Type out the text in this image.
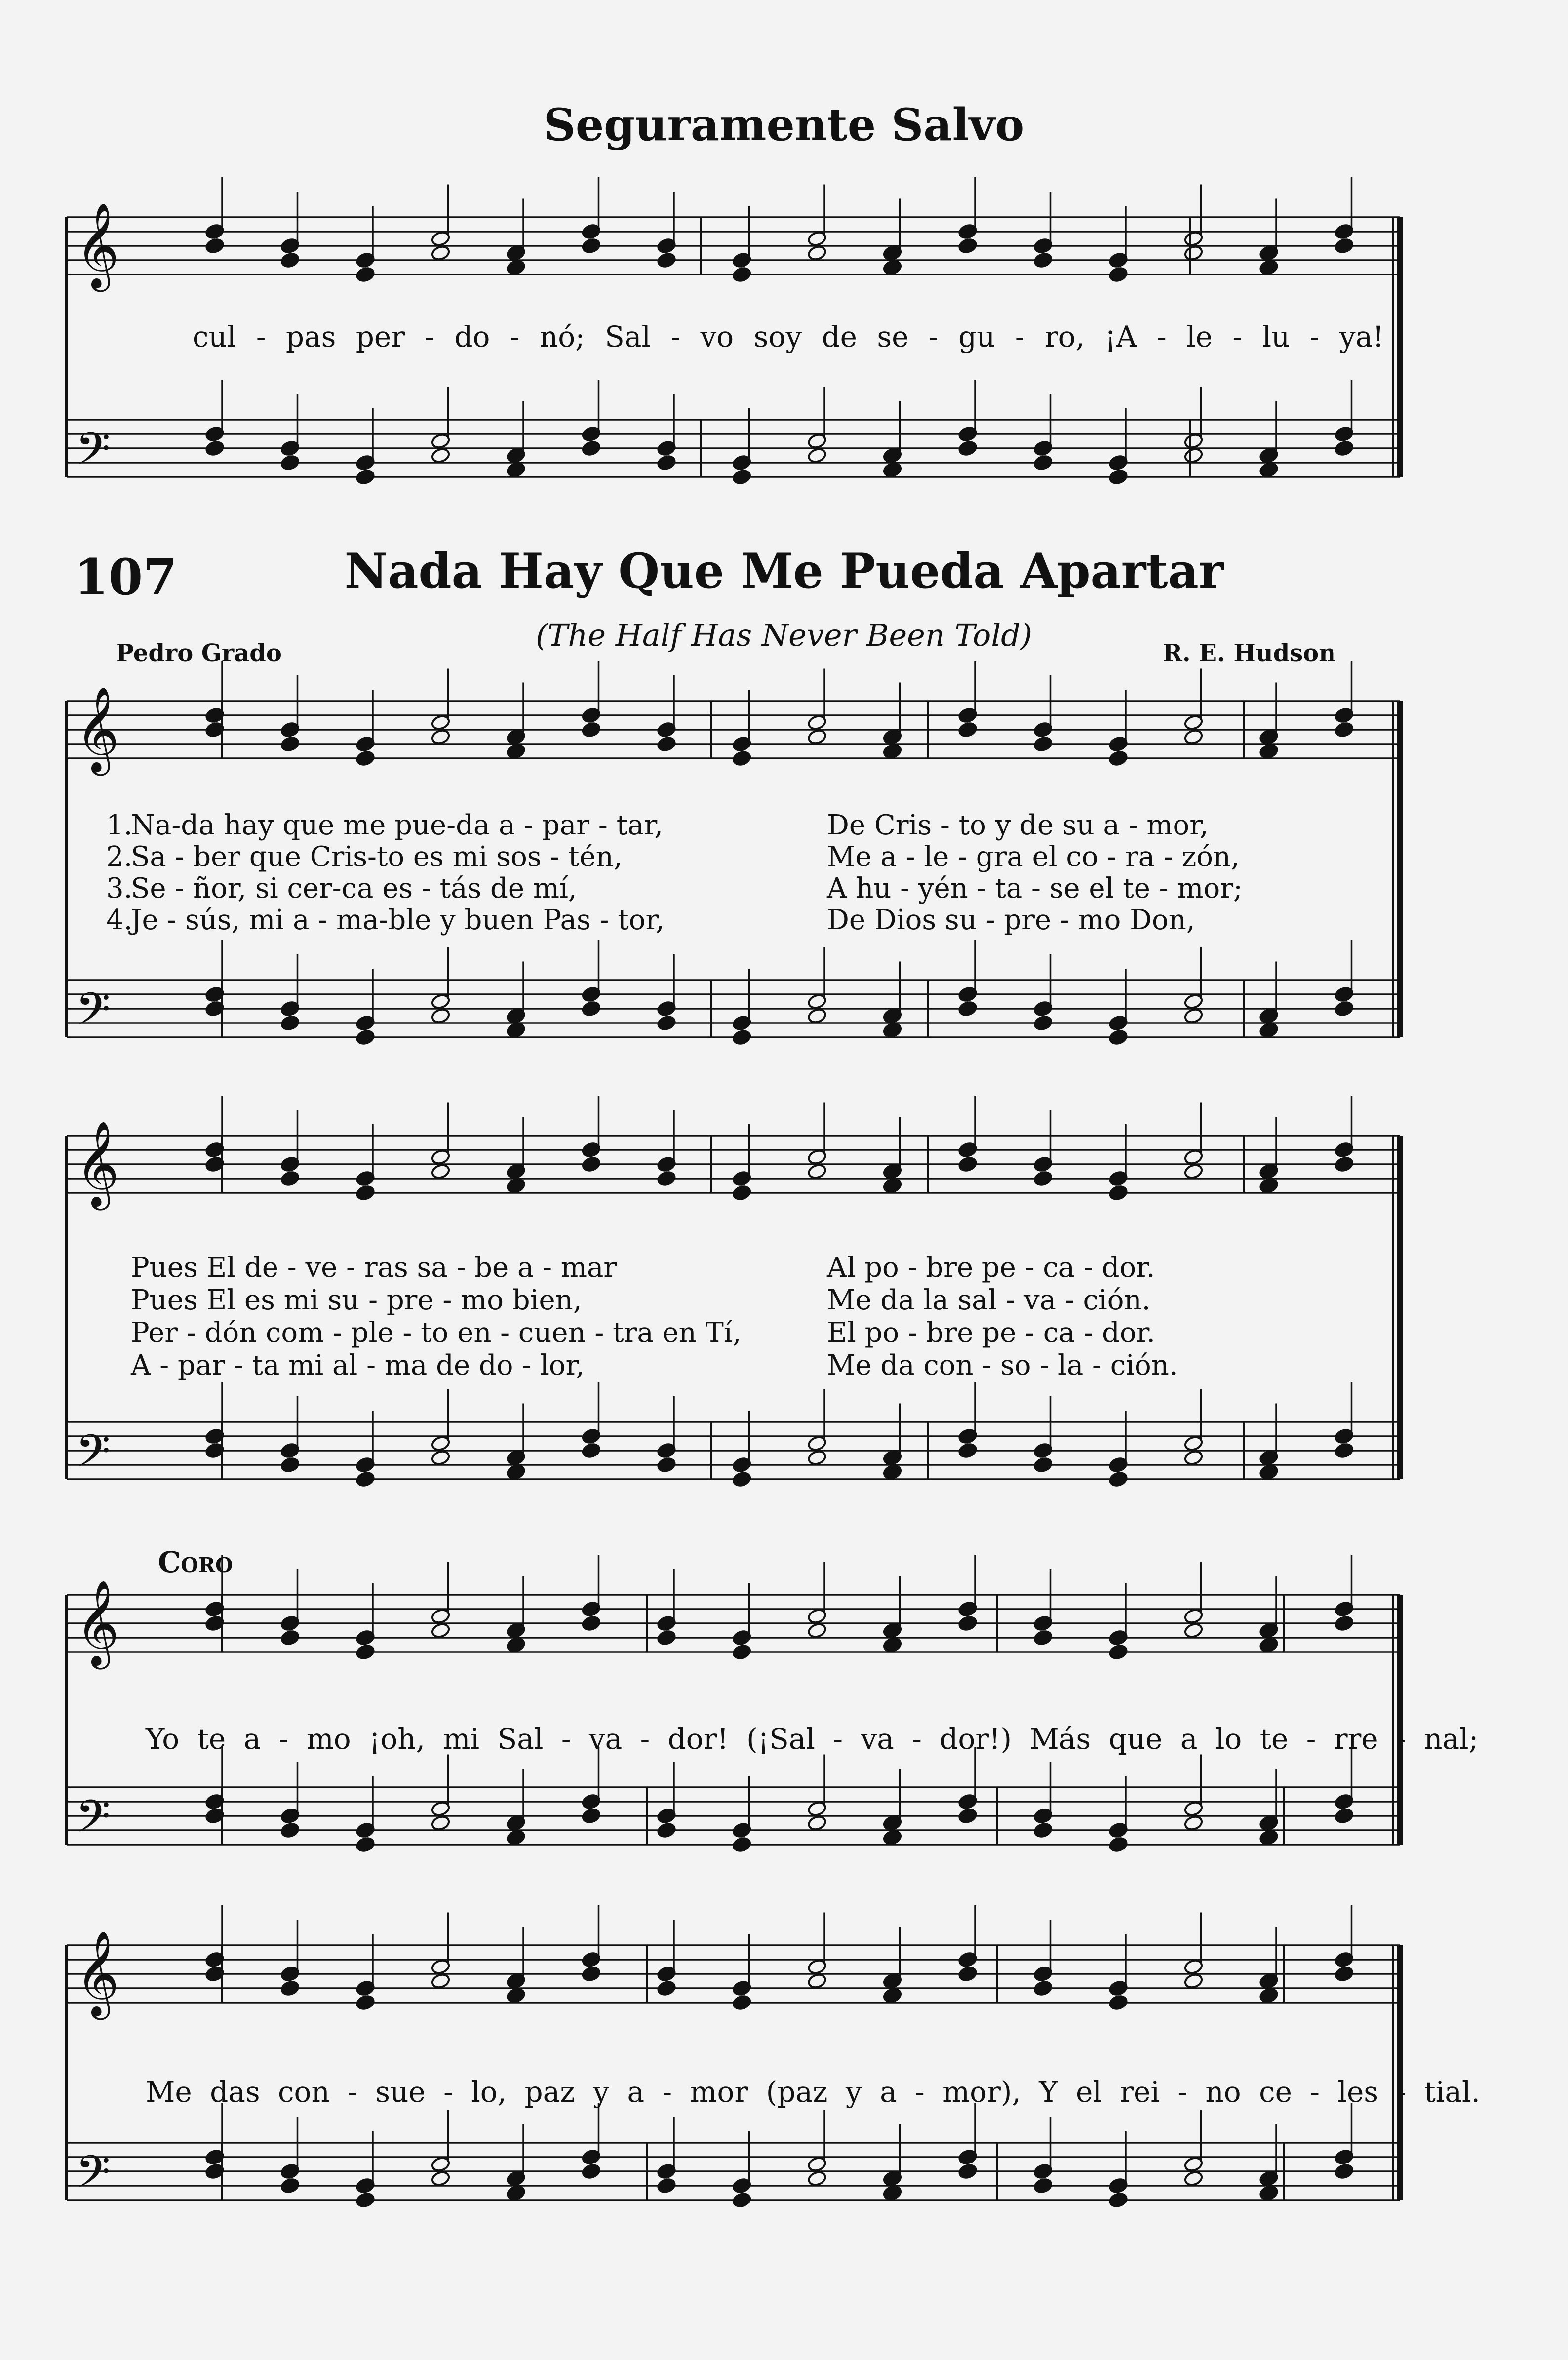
𝄞
𝄢
𝄞
𝄢
𝄞
𝄢
𝄞
𝄢
𝄞
𝄢
Seguramente Salvo
cul - pas per - do - nó; Sal - vo soy de se - gu - ro, ¡A - le - lu - ya!
107	Nada Hay Que Me Pueda Apartar
(The Half Has Never Been Told)
Pedro Grado	R. E. Hudson
1.
Na-da hay que me pue-da a - par - tar,	De Cris - to y de su a - mor,
2.
Sa - ber que Cris-to es mi sos - tén,	Me a - le - gra el co - ra - zón,
3.
Se - ñor, si cer-ca es - tás de mí,	A hu - yén - ta - se el te - mor;
4.
Je - sús, mi a - ma-ble y buen Pas - tor,	De Dios su - pre - mo Don,
Pues El de - ve - ras sa - be a - mar	Al po - bre pe - ca - dor.
Pues El es mi su - pre - mo bien,	Me da la sal - va - ción.
Per - dón com - ple - to en - cuen - tra en Tí,	El po - bre pe - ca - dor.
A - par - ta mi al - ma de do - lor,	Me da con - so - la - ción.
Coro
Yo te a - mo ¡oh, mi Sal - va - dor! (¡Sal - va - dor!) Más que a lo te - rre - nal;
Me das con - sue - lo, paz y a - mor (paz y a - mor), Y el rei - no ce - les - tial.
